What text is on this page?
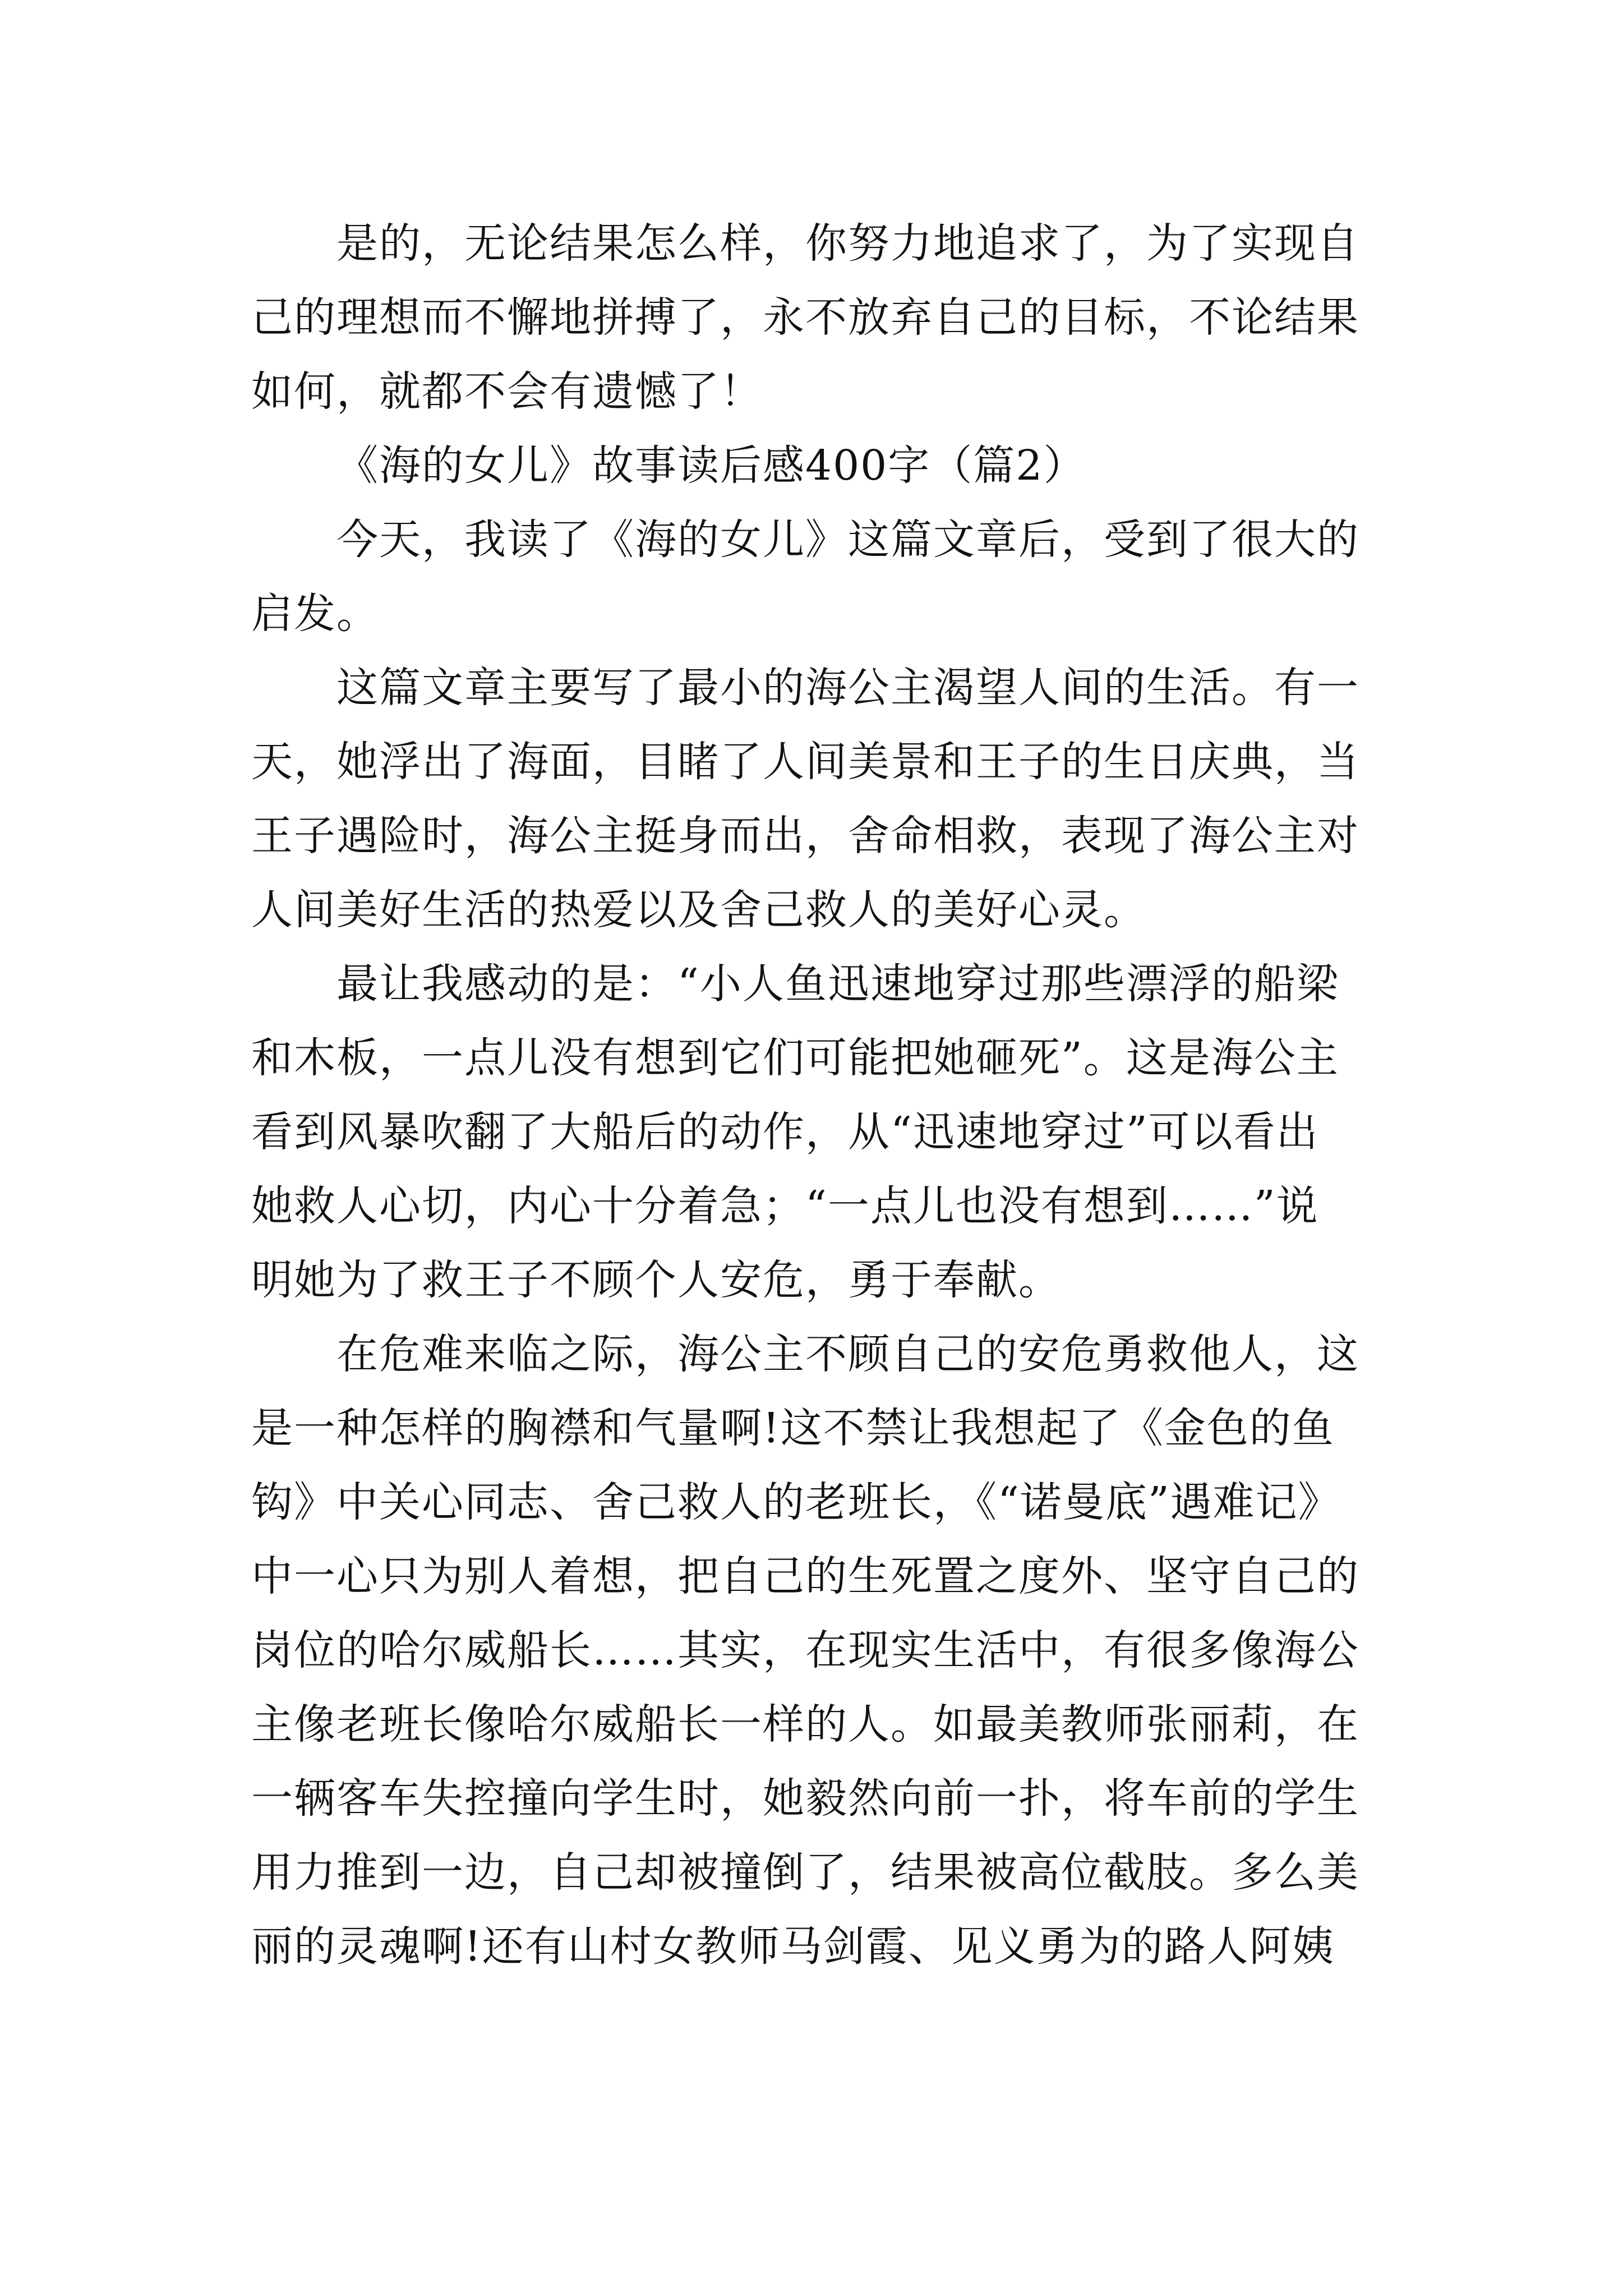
是的，无论结果怎么样，你努力地追求了，为了实现自
己的理想而不懈地拼搏了，永不放弃自己的目标，不论结果
如何，就都不会有遗憾了！
《海的女儿》故事读后感400字（篇2）
今天，我读了《海的女儿》这篇文章后，受到了很大的
启发。
这篇文章主要写了最小的海公主渴望人间的生活。有一
天，她浮出了海面，目睹了人间美景和王子的生日庆典，当
王子遇险时，海公主挺身而出，舍命相救，表现了海公主对
人间美好生活的热爱以及舍己救人的美好心灵。
最让我感动的是：“小人鱼迅速地穿过那些漂浮的船梁
和木板，一点儿没有想到它们可能把她砸死”。这是海公主
看到风暴吹翻了大船后的动作，从“迅速地穿过”可以看出
她救人心切，内心十分着急；“一点儿也没有想到……”说
明她为了救王子不顾个人安危，勇于奉献。
在危难来临之际，海公主不顾自己的安危勇救他人，这
是一种怎样的胸襟和气量啊!这不禁让我想起了《金色的鱼
钩》中关心同志、舍己救人的老班长，《“诺曼底”遇难记》
中一心只为别人着想，把自己的生死置之度外、坚守自己的
岗位的哈尔威船长……其实，在现实生活中，有很多像海公
主像老班长像哈尔威船长一样的人。如最美教师张丽莉，在
一辆客车失控撞向学生时，她毅然向前一扑，将车前的学生
用力推到一边，自己却被撞倒了，结果被高位截肢。多么美
丽的灵魂啊!还有山村女教师马剑霞、见义勇为的路人阿姨
